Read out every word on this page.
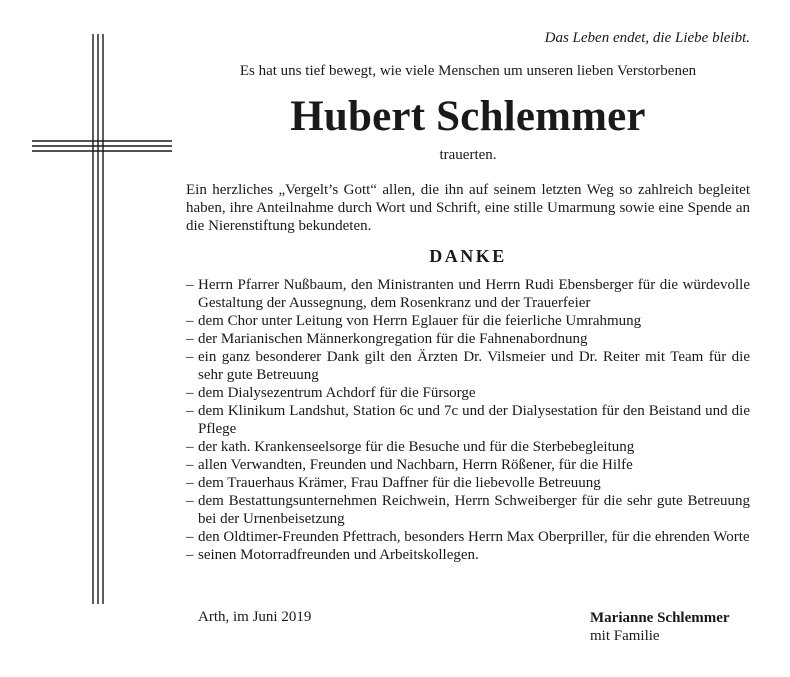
Das Leben endet, die Liebe bleibt.
Es hat uns tief bewegt, wie viele Menschen um unseren lieben Verstorbenen
Hubert Schlemmer
trauerten.
Ein herzliches „Vergelt’s Gott“ allen, die ihn auf seinem letzten Weg so zahlreich begleitet haben, ihre Anteilnahme durch Wort und Schrift, eine stille Umarmung sowie eine Spende an die Nierenstiftung bekundeten.
DANKE
– Herrn Pfarrer Nußbaum, den Ministranten und Herrn Rudi Ebensberger für die würdevolle Gestaltung der Aussegnung, dem Rosenkranz und der Trauerfeier
– dem Chor unter Leitung von Herrn Eglauer für die feierliche Umrahmung
– der Marianischen Männerkongregation für die Fahnenabordnung
– ein ganz besonderer Dank gilt den Ärzten Dr. Vilsmeier und Dr. Reiter mit Team für die sehr gute Betreuung
– dem Dialysezentrum Achdorf für die Fürsorge
– dem Klinikum Landshut, Station 6c und 7c und der Dialysestation für den Beistand und die Pflege
– der kath. Krankenseelsorge für die Besuche und für die Sterbebegleitung
– allen Verwandten, Freunden und Nachbarn, Herrn Rößener, für die Hilfe
– dem Trauerhaus Krämer, Frau Daffner für die liebevolle Betreuung
– dem Bestattungsunternehmen Reichwein, Herrn Schweiberger für die sehr gute Betreuung bei der Urnenbeisetzung
– den Oldtimer-Freunden Pfettrach, besonders Herrn Max Oberpriller, für die ehrenden Worte
– seinen Motorradfreunden und Arbeitskollegen.
Arth, im Juni 2019	Marianne Schlemmer
mit Familie
